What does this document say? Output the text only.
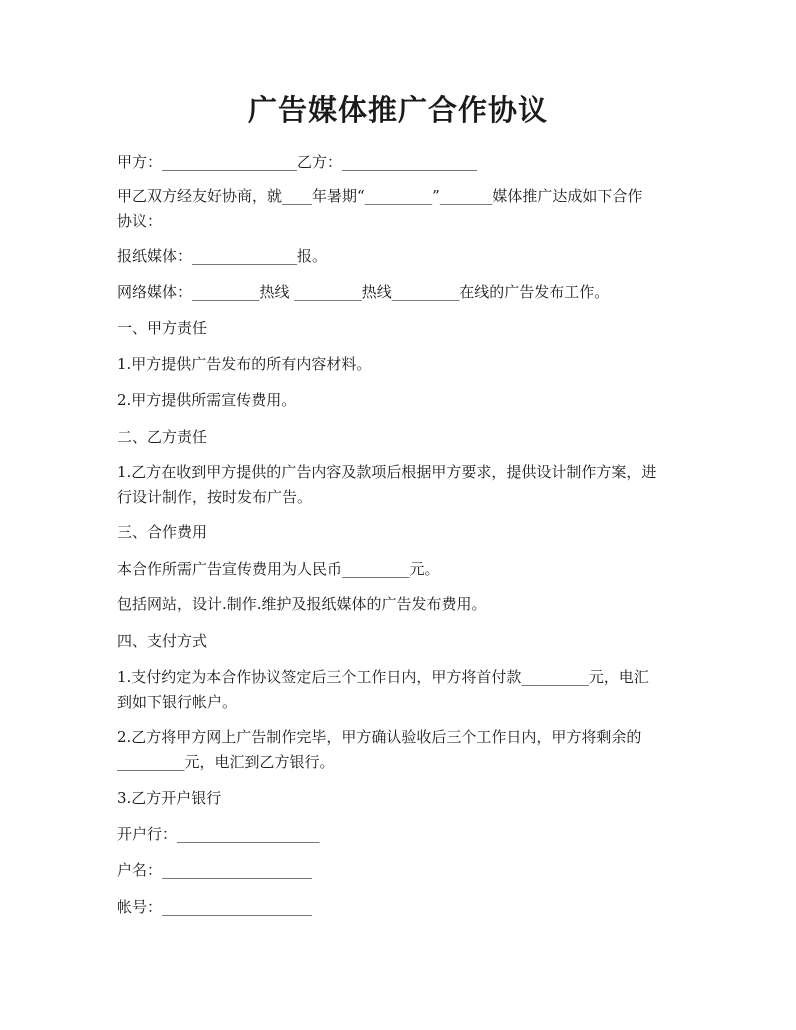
广告媒体推广合作协议
甲方：__________________乙方：__________________
甲乙双方经友好协商，就____年暑期“_________”_______媒体推广达成如下合作
协议：
报纸媒体：______________报。
网络媒体：_________热线 _________热线_________在线的广告发布工作。
一、甲方责任
1.甲方提供广告发布的所有内容材料。
2.甲方提供所需宣传费用。
二、乙方责任
1.乙方在收到甲方提供的广告内容及款项后根据甲方要求，提供设计制作方案，进
行设计制作，按时发布广告。
三、合作费用
本合作所需广告宣传费用为人民币_________元。
包括网站，设计.制作.维护及报纸媒体的广告发布费用。
四、支付方式
1.支付约定为本合作协议签定后三个工作日内，甲方将首付款_________元，电汇
到如下银行帐户。
2.乙方将甲方网上广告制作完毕，甲方确认验收后三个工作日内，甲方将剩余的
_________元，电汇到乙方银行。
3.乙方开户银行
开户行：___________________
户名：____________________
帐号：____________________
